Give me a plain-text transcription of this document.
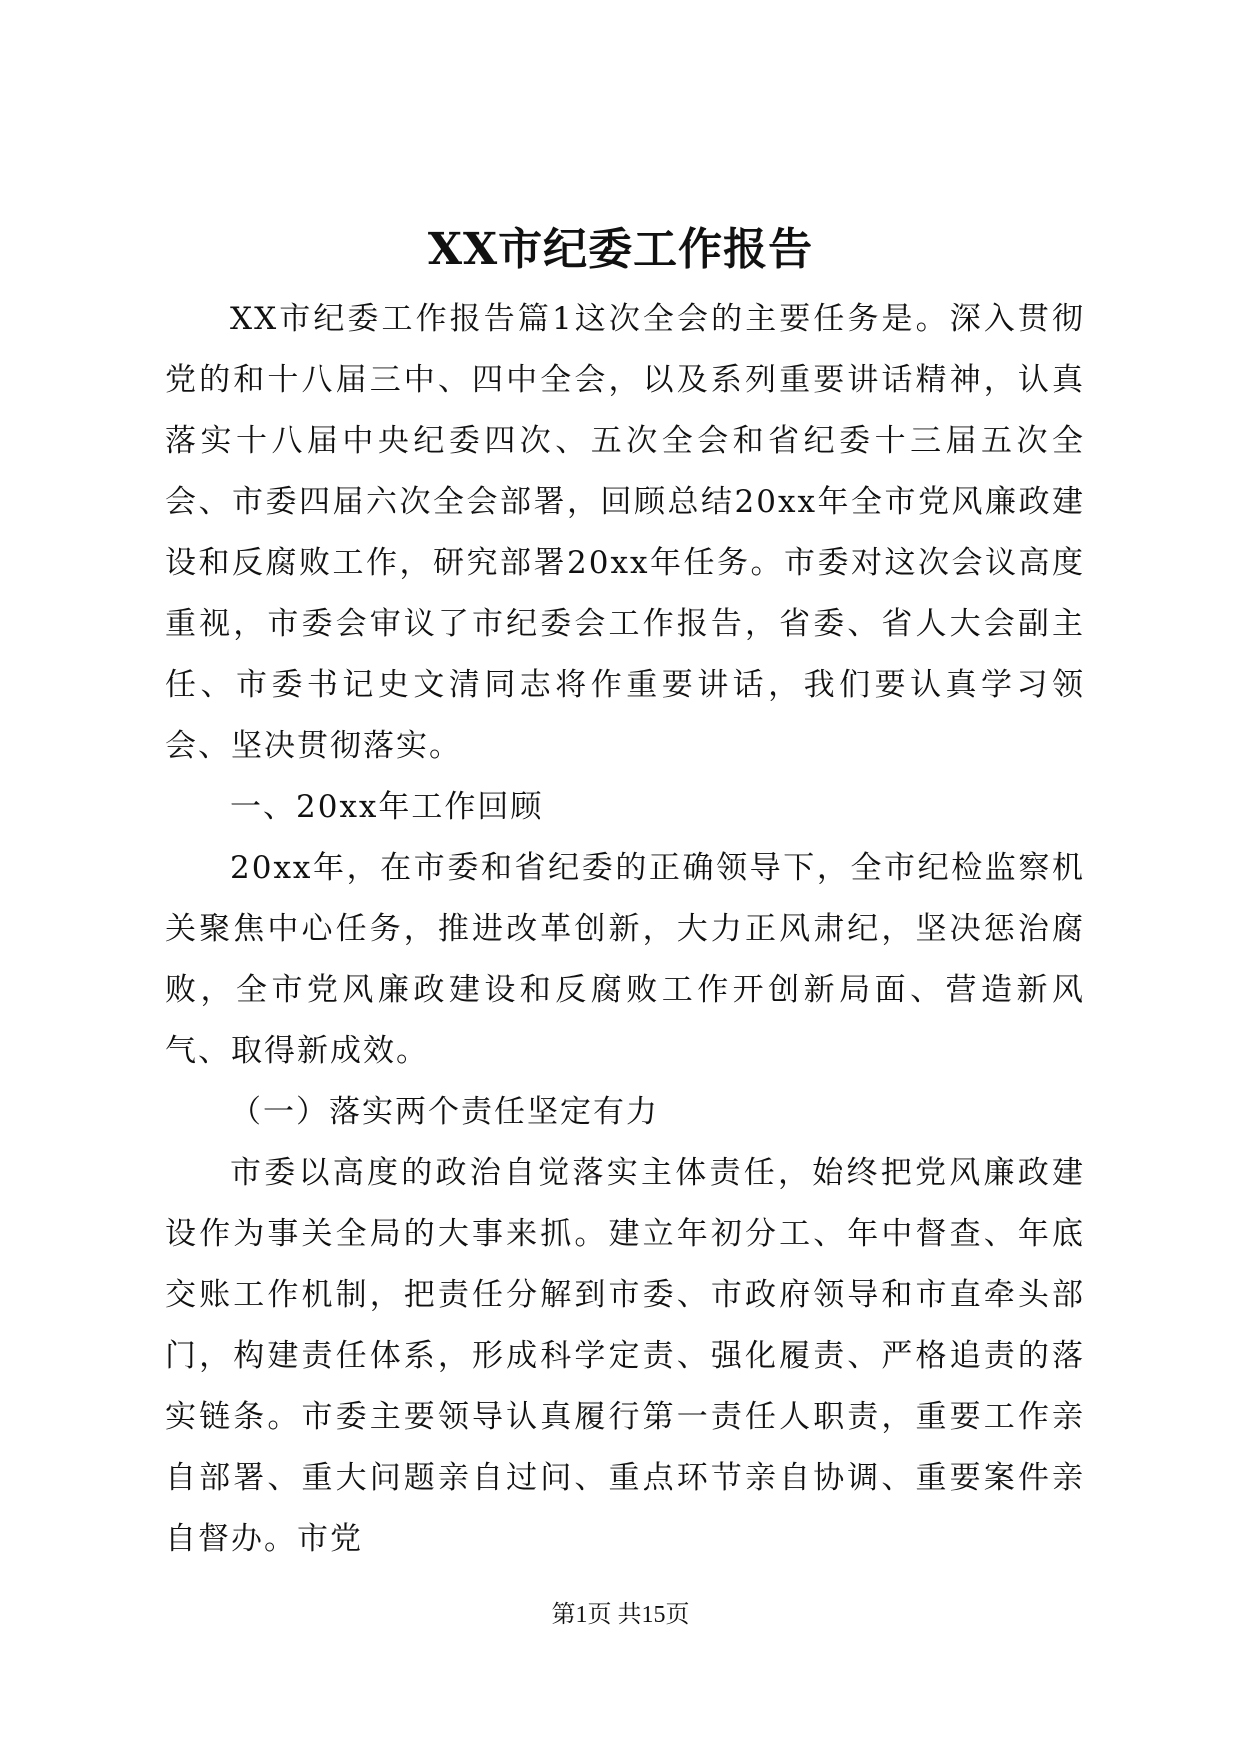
XX市纪委工作报告

XX市纪委工作报告篇1这次全会的主要任务是。深入贯彻党的和十八届三中、四中全会，以及系列重要讲话精神，认真落实十八届中央纪委四次、五次全会和省纪委十三届五次全会、市委四届六次全会部署，回顾总结20xx年全市党风廉政建设和反腐败工作，研究部署20xx年任务。市委对这次会议高度重视，市委会审议了市纪委会工作报告，省委、省人大会副主任、市委书记史文清同志将作重要讲话，我们要认真学习领会、坚决贯彻落实。

一、20xx年工作回顾

20xx年，在市委和省纪委的正确领导下，全市纪检监察机关聚焦中心任务，推进改革创新，大力正风肃纪，坚决惩治腐败，全市党风廉政建设和反腐败工作开创新局面、营造新风气、取得新成效。

（一）落实两个责任坚定有力

市委以高度的政治自觉落实主体责任，始终把党风廉政建设作为事关全局的大事来抓。建立年初分工、年中督查、年底交账工作机制，把责任分解到市委、市政府领导和市直牵头部门，构建责任体系，形成科学定责、强化履责、严格追责的落实链条。市委主要领导认真履行第一责任人职责，重要工作亲自部署、重大问题亲自过问、重点环节亲自协调、重要案件亲自督办。市党

第1页 共15页
